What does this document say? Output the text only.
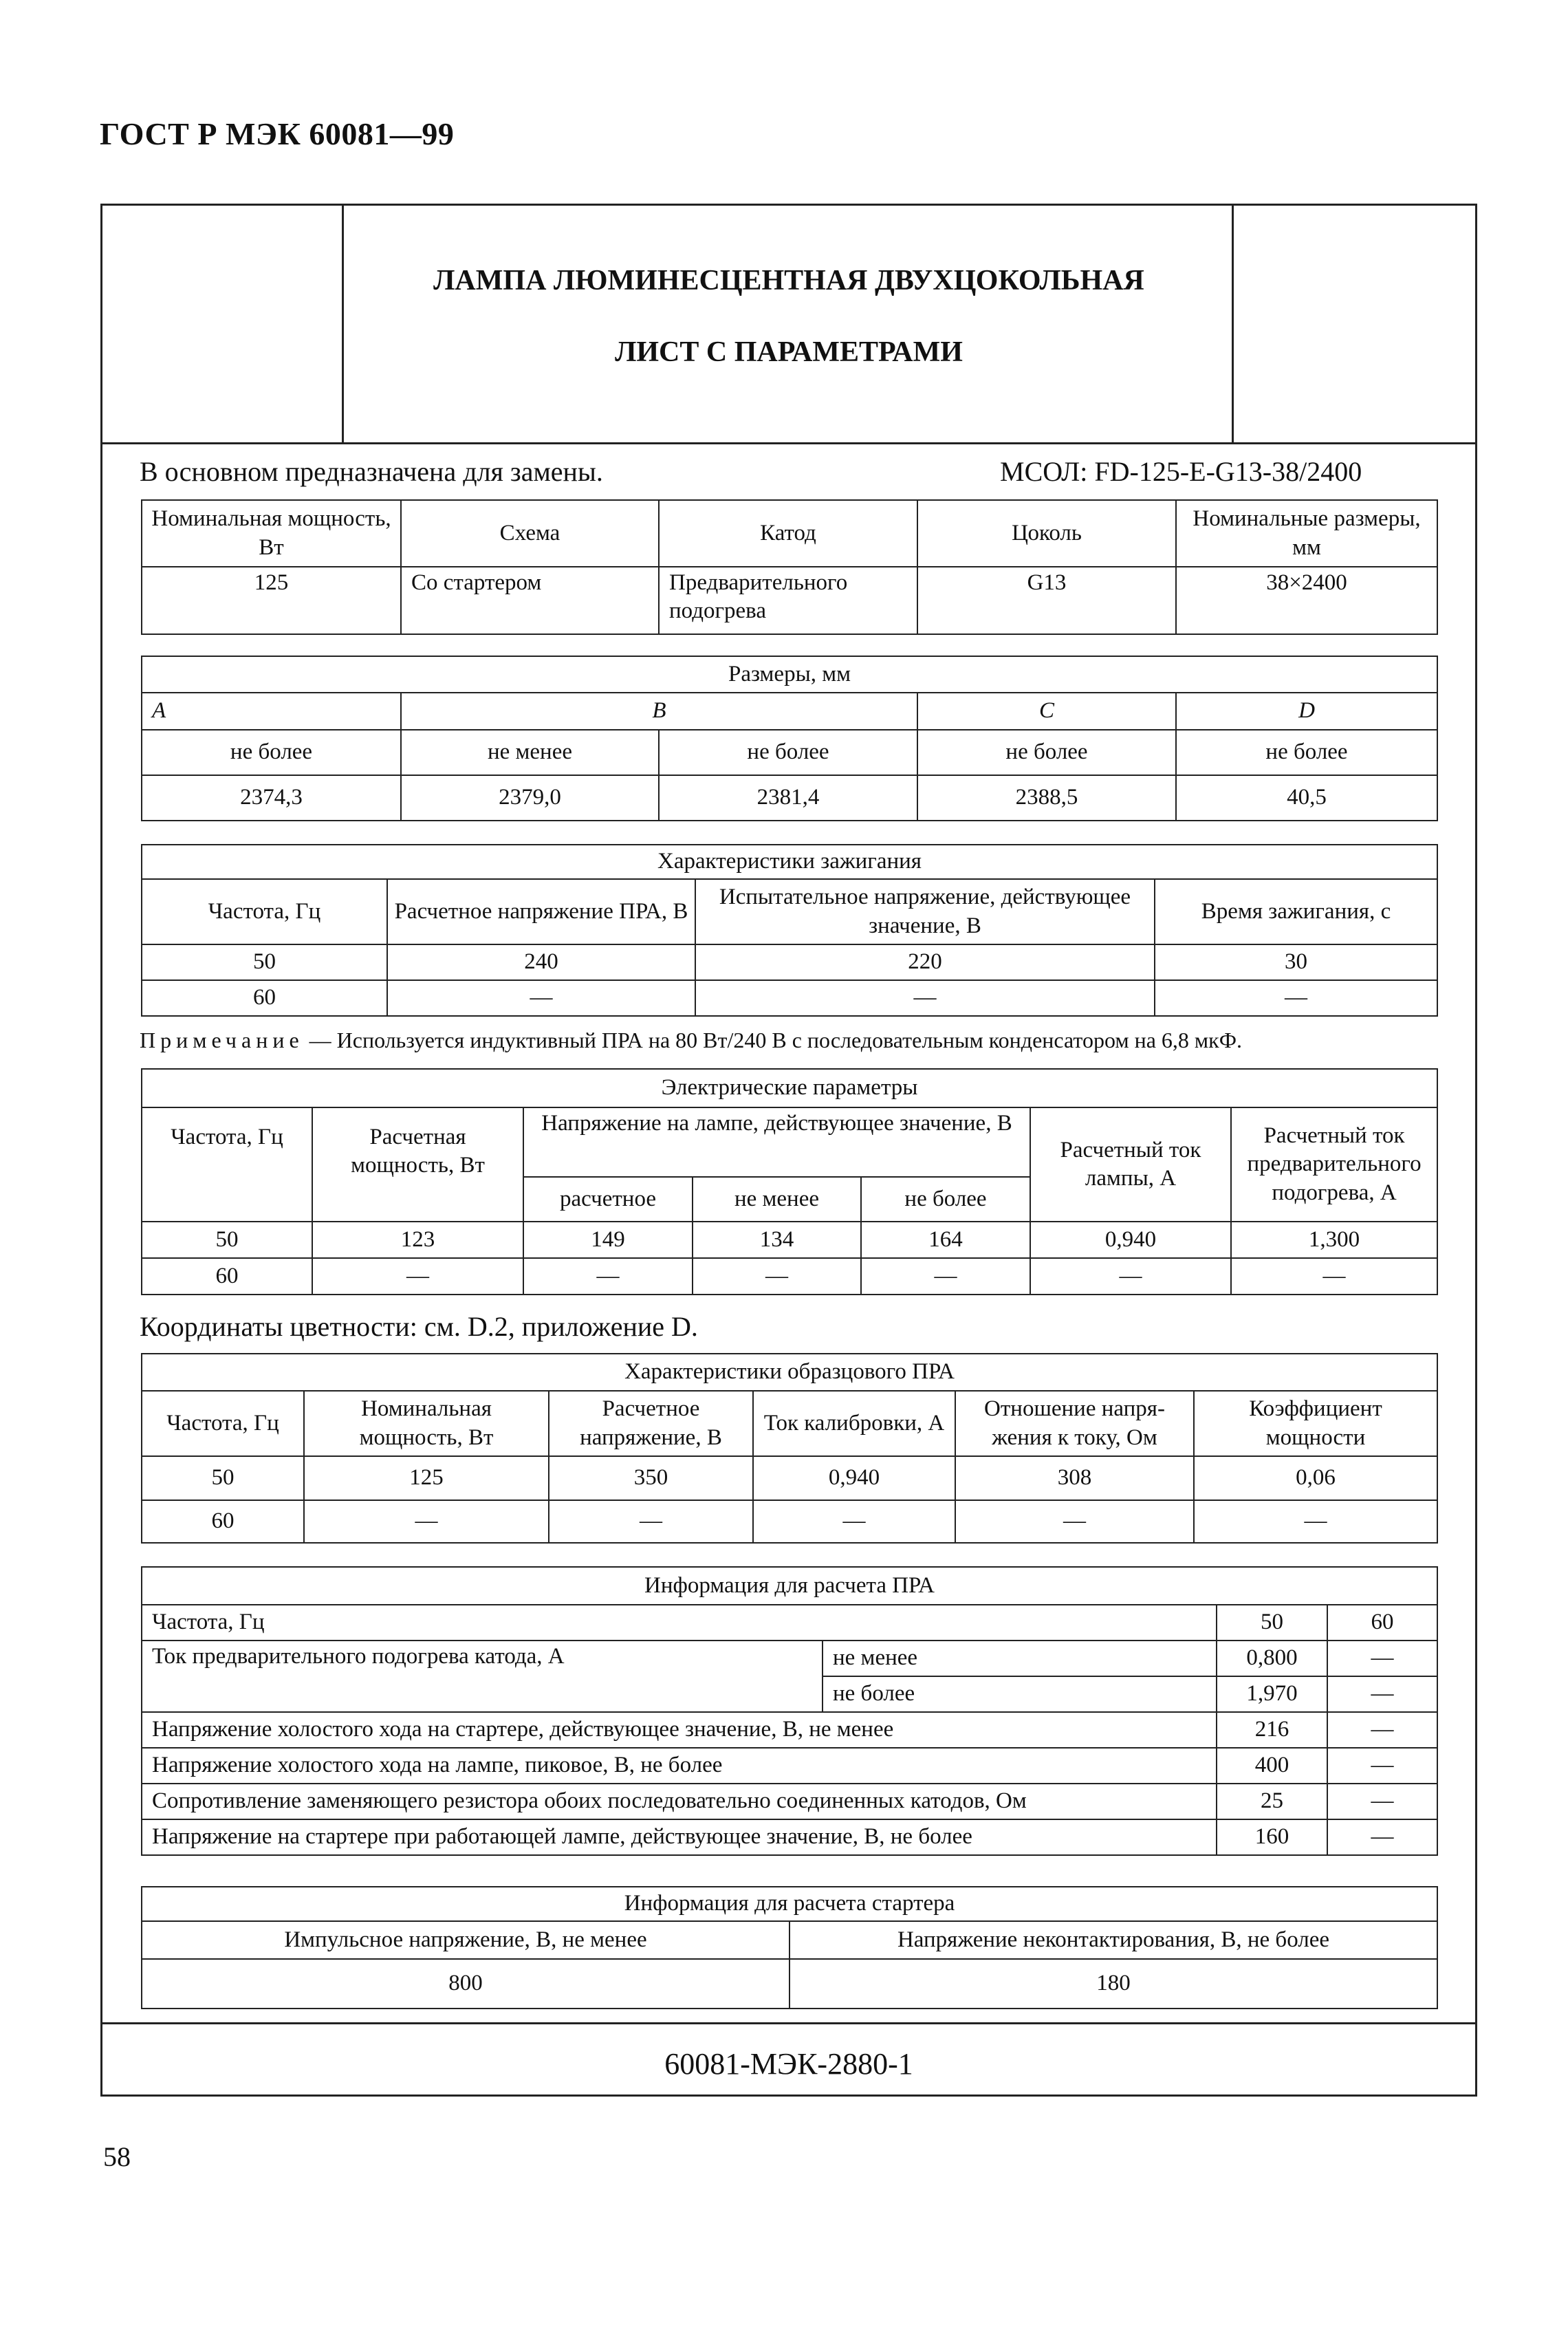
ГОСТ Р МЭК 60081—99
ЛАМПА ЛЮМИНЕСЦЕНТНАЯ ДВУХЦОКОЛЬНАЯ
ЛИСТ С ПАРАМЕТРАМИ
В основном предназначена для замены.	МСОЛ: FD-125-E-G13-38/2400
Номинальная мощность, Вт	Схема	Катод	Цоколь	Номинальные размеры, мм
125	Со стартером	Предварительного подогрева	G13	38×2400
Размеры, мм				
A	B		C	D
не более	не менее	не более	не более	не более
2374,3	2379,0	2381,4	2388,5	40,5
Характеристики зажигания			
Частота, Гц	Расчетное напряжение ПРА, В	Испытательное напряжение, действующее значение, В	Время зажигания, с
50	240	220	30
60	—	—	—
Примечание — Используется индуктивный ПРА на 80 Вт/240 В с последовательным конденсатором на 6,8 мкФ.
Электрические параметры						
Частота, Гц	Расчетная мощность, Вт	Напряжение на лампе, действующее значение, В			Расчетный ток лампы, А	Расчетный ток предварительного подогрева, А
		расчетное	не менее	не более		
50	123	149	134	164	0,940	1,300
60	—	—	—	—	—	—
Координаты цветности: см. D.2, приложение D.
Характеристики образцового ПРА					
Частота, Гц	Номинальная мощность, Вт	Расчетное напряжение, В	Ток калибровки, А	Отношение напряжения к току, Ом	Коэффициент мощности
50	125	350	0,940	308	0,06
60	—	—	—	—	—
Информация для расчета ПРА			
Частота, Гц		50	60
Ток предварительного подогрева катода, А	не менее	0,800	—
	не более	1,970	—
Напряжение холостого хода на стартере, действующее значение, В, не менее		216	—
Напряжение холостого хода на лампе, пиковое, В, не более		400	—
Сопротивление заменяющего резистора обоих последовательно соединенных катодов, Ом		25	—
Напряжение на стартере при работающей лампе, действующее значение, В, не более		160	—
Информация для расчета стартера	
Импульсное напряжение, В, не менее	Напряжение неконтактирования, В, не более
800	180
60081-МЭК-2880-1
58
